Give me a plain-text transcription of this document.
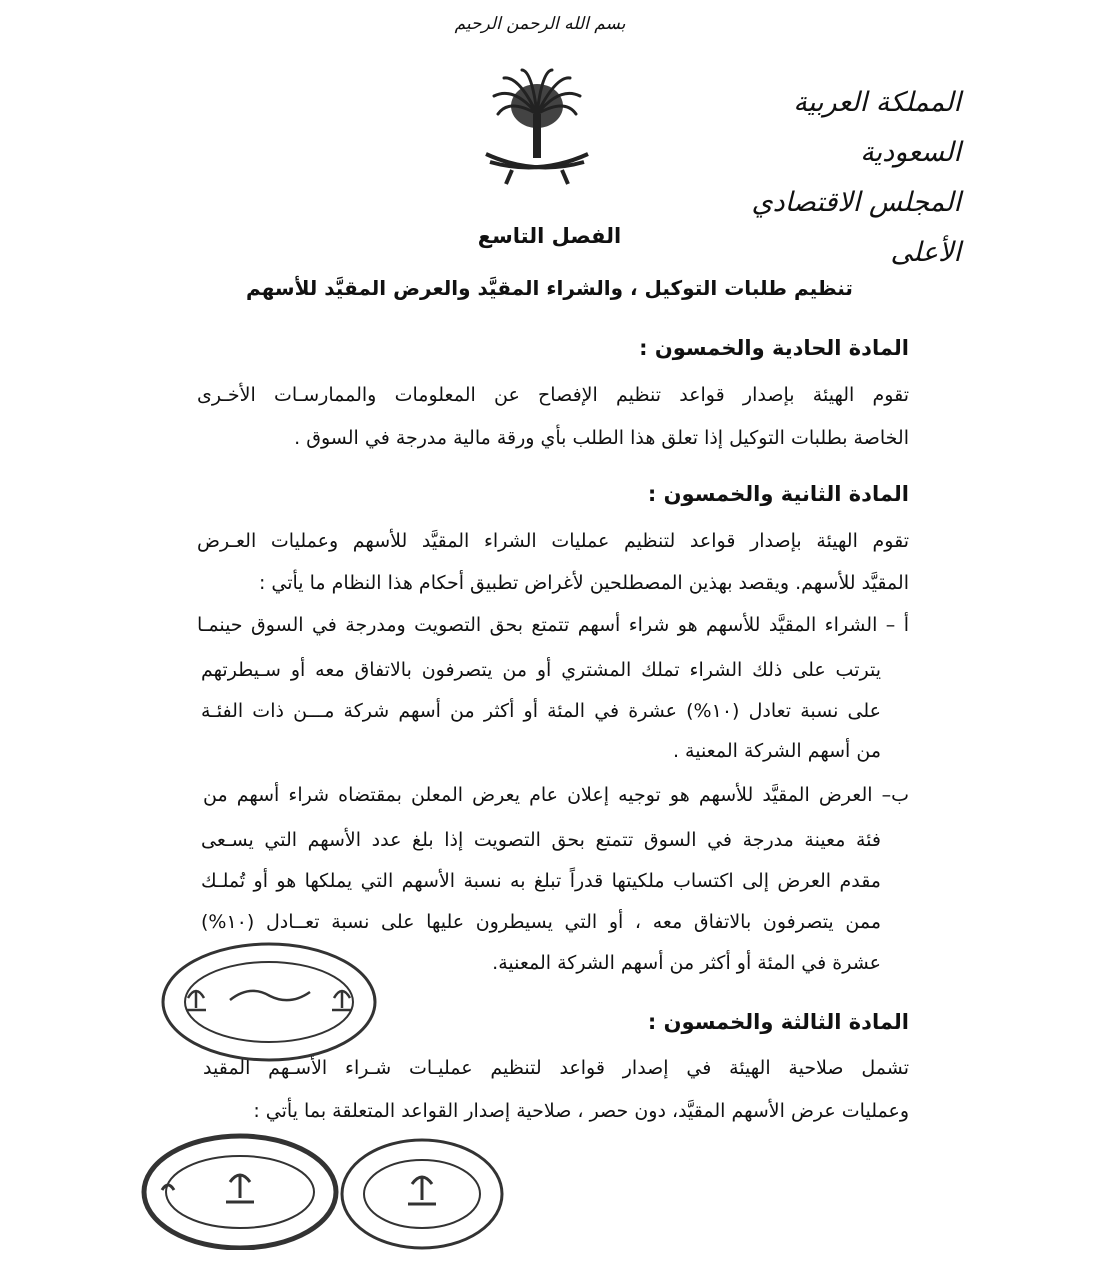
بسم الله الرحمن الرحيم
المملكة العربية السعودية
المجلس الاقتصادي الأعلى
الفصل التاسع
تنظيم طلبات التوكيل ، والشراء المقيَّد والعرض المقيَّد للأسهم
المادة الحادية والخمسون :
تقوم الهيئة بإصدار قواعد تنظيم الإفصاح عن المعلومات والممارسـات الأخـرى
الخاصة بطلبات التوكيل إذا تعلق هذا الطلب بأي ورقة مالية مدرجة في السوق .
المادة الثانية والخمسون :
تقوم الهيئة بإصدار قواعد لتنظيم عمليات الشراء المقيَّد للأسهم وعمليات العـرض
المقيَّد للأسهم. ويقصد بهذين المصطلحين لأغراض تطبيق أحكام هذا النظام ما يأتي :
أ – الشراء المقيَّد للأسهم هو شراء أسهم تتمتع بحق التصويت ومدرجة في السوق حينمـا
يترتب على ذلك الشراء تملك المشتري أو من يتصرفون بالاتفاق معه أو سـيطرتهم
على نسبة تعادل (١٠%) عشرة في المئة أو أكثر من أسهم شركة مـــن ذات الفئـة
من أسهم الشركة المعنية .
ب– العرض المقيَّد للأسهم هو توجيه إعلان عام يعرض المعلن بمقتضاه شراء أسهم من
فئة معينة مدرجة في السوق تتمتع بحق التصويت إذا بلغ عدد الأسهم التي يسـعى
مقدم العرض إلى اكتساب ملكيتها قدراً تبلغ به نسبة الأسهم التي يملكها هو أو تُملـك
ممن يتصرفون بالاتفاق معه ، أو التي يسيطرون عليها على نسبة تعــادل (١٠%)
عشرة في المئة أو أكثر من أسهم الشركة المعنية.
المادة الثالثة والخمسون :
تشمل صلاحية الهيئة في إصدار قواعد لتنظيم عمليـات شـراء الأسـهم المقيد
وعمليات عرض الأسهم المقيَّد، دون حصر ، صلاحية إصدار القواعد المتعلقة بما يأتي :
